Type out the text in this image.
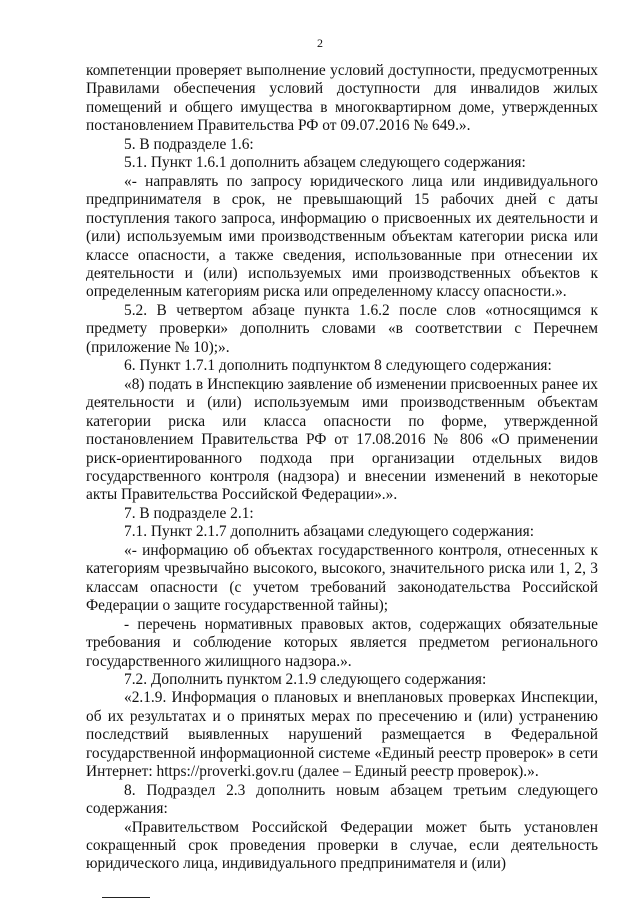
2

компетенции проверяет выполнение условий доступности, предусмотренных Правилами обеспечения условий доступности для инвалидов жилых помещений и общего имущества в многоквартирном доме, утвержденных постановлением Правительства РФ от 09.07.2016 № 649.».

5. В подразделе 1.6:

5.1. Пункт 1.6.1 дополнить абзацем следующего содержания:

«- направлять по запросу юридического лица или индивидуального предпринимателя в срок, не превышающий 15 рабочих дней с даты поступления такого запроса, информацию о присвоенных их деятельности и (или) используемым ими производственным объектам категории риска или классе опасности, а также сведения, использованные при отнесении их деятельности и (или) используемых ими производственных объектов к определенным категориям риска или определенному классу опасности.».

5.2. В четвертом абзаце пункта 1.6.2 после слов «относящимся к предмету проверки» дополнить словами «в соответствии с Перечнем (приложение № 10);».

6. Пункт 1.7.1 дополнить подпунктом 8 следующего содержания:

«8) подать в Инспекцию заявление об изменении присвоенных ранее их деятельности и (или) используемым ими производственным объектам категории риска или класса опасности по форме, утвержденной постановлением Правительства РФ от 17.08.2016 № 806 «О применении риск-ориентированного подхода при организации отдельных видов государственного контроля (надзора) и внесении изменений в некоторые акты Правительства Российской Федерации».».

7. В подразделе 2.1:

7.1. Пункт 2.1.7 дополнить абзацами следующего содержания:

«- информацию об объектах государственного контроля, отнесенных к категориям чрезвычайно высокого, высокого, значительного риска или 1, 2, 3 классам опасности (с учетом требований законодательства Российской Федерации о защите государственной тайны);

- перечень нормативных правовых актов, содержащих обязательные требования и соблюдение которых является предметом регионального государственного жилищного надзора.».

7.2. Дополнить пунктом 2.1.9 следующего содержания:

«2.1.9. Информация о плановых и внеплановых проверках Инспекции, об их результатах и о принятых мерах по пресечению и (или) устранению последствий выявленных нарушений размещается в Федеральной государственной информационной системе «Единый реестр проверок» в сети Интернет: https://proverki.gov.ru (далее – Единый реестр проверок).».

8. Подраздел 2.3 дополнить новым абзацем третьим следующего содержания:

«Правительством Российской Федерации может быть установлен сокращенный срок проведения проверки в случае, если деятельность юридического лица, индивидуального предпринимателя и (или)
